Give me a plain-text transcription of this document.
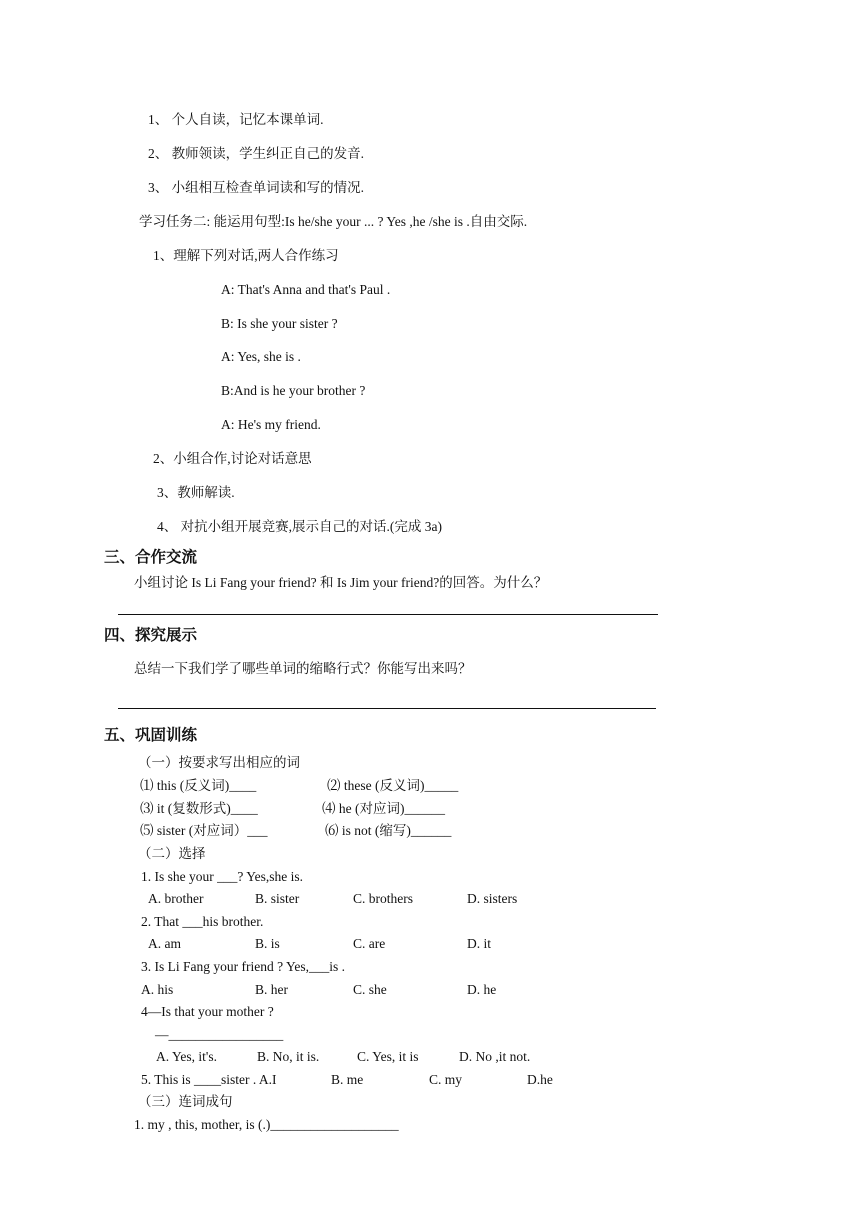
1、 个人自读，记忆本课单词.
2、 教师领读，学生纠正自己的发音.
3、 小组相互检查单词读和写的情况.
学习任务二: 能运用句型:Is he/she your ... ? Yes ,he /she is .自由交际.
1、理解下列对话,两人合作练习
A: That's Anna and that's Paul .
B: Is she your sister ?
A: Yes, she is .
B:And is he your brother ?
A: He's my friend.
2、小组合作,讨论对话意思
3、教师解读.
4、 对抗小组开展竞赛,展示自己的对话.(完成 3a)
三、合作交流
小组讨论 Is Li Fang your friend? 和 Is Jim your friend?的回答。为什么？
四、探究展示
总结一下我们学了哪些单词的缩略行式？你能写出来吗？
五、巩固训练
（一）按要求写出相应的词
⑴ this (反义词)____	⑵ these (反义词)_____
⑶ it (复数形式)____	⑷ he (对应词)______
⑸ sister (对应词）___	⑹ is not (缩写)______
（二）选择
1. Is she your ___? Yes,she is.
A. brother	B. sister	C. brothers	D. sisters
2. That ___his brother.
A. am	B. is	C. are	D. it
3. Is Li Fang your friend ? Yes,___is .
A. his	B. her	C. she	D. he
4—Is that your mother ?
—_________________
A. Yes, it's.	B. No, it is.	C. Yes, it is	D. No ,it not.
5. This is ____sister . A.I	B. me	C. my	D.he
（三）连词成句
1. my , this, mother, is (.)___________________
